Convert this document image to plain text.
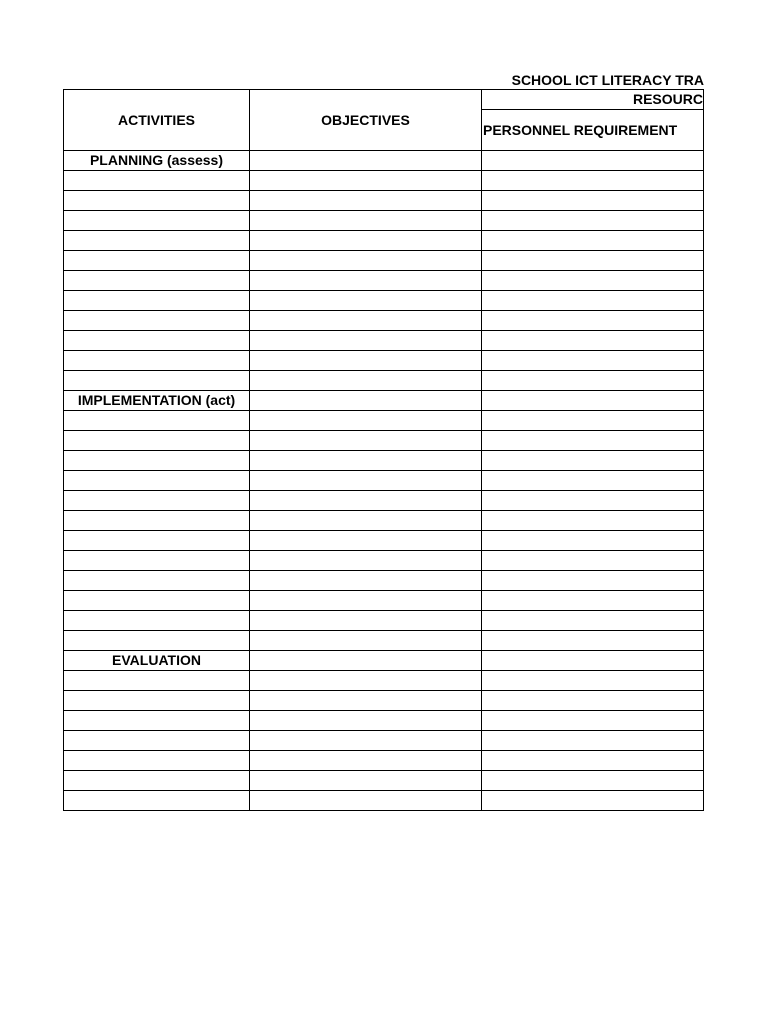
SCHOOL ICT LITERACY TRA
ACTIVITIES	OBJECTIVES	RESOURC
		PERSONNEL REQUIREMENT
PLANNING (assess)		

IMPLEMENTATION (act)		

EVALUATION		
